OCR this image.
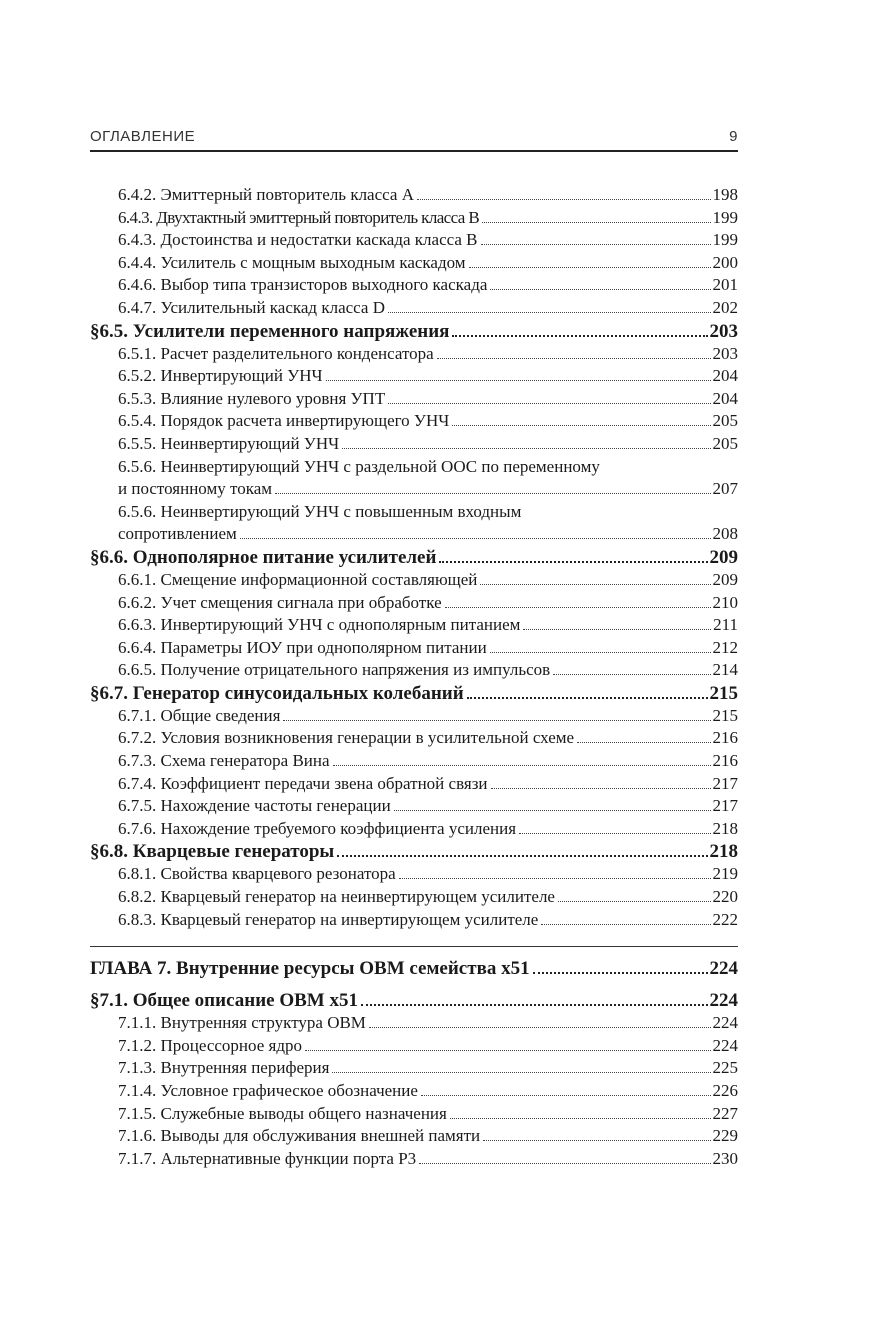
ОГЛАВЛЕНИЕ	9
6.4.2. Эмиттерный повторитель класса А	198
6.4.3. Двухтактный эмиттерный повторитель класса В	199
6.4.3. Достоинства и недостатки каскада класса В	199
6.4.4. Усилитель с мощным выходным каскадом	200
6.4.6. Выбор типа транзисторов выходного каскада	201
6.4.7. Усилительный каскад класса D	202
§6.5. Усилители переменного напряжения	203
6.5.1. Расчет разделительного конденсатора	203
6.5.2. Инвертирующий УНЧ	204
6.5.3. Влияние нулевого уровня УПТ	204
6.5.4. Порядок расчета инвертирующего УНЧ	205
6.5.5. Неинвертирующий УНЧ	205
6.5.6. Неинвертирующий УНЧ с раздельной ООС по переменному
и постоянному токам	207
6.5.6. Неинвертирующий УНЧ с повышенным входным
сопротивлением	208
§6.6. Однополярное питание усилителей	209
6.6.1. Смещение информационной составляющей	209
6.6.2. Учет смещения сигнала при обработке	210
6.6.3. Инвертирующий УНЧ с однополярным питанием	211
6.6.4. Параметры ИОУ при однополярном питании	212
6.6.5. Получение отрицательного напряжения из импульсов	214
§6.7. Генератор синусоидальных колебаний	215
6.7.1. Общие сведения	215
6.7.2. Условия возникновения генерации в усилительной схеме	216
6.7.3. Схема генератора Вина	216
6.7.4. Коэффициент передачи звена обратной связи	217
6.7.5. Нахождение частоты генерации	217
6.7.6. Нахождение требуемого коэффициента усиления	218
§6.8. Кварцевые генераторы	218
6.8.1. Свойства кварцевого резонатора	219
6.8.2. Кварцевый генератор на неинвертирующем усилителе	220
6.8.3. Кварцевый генератор на инвертирующем усилителе	222
ГЛАВА 7. Внутренние ресурсы ОВМ семейства х51	224
§7.1. Общее описание ОВМ х51	224
7.1.1. Внутренняя структура ОВМ	224
7.1.2. Процессорное ядро	224
7.1.3. Внутренняя периферия	225
7.1.4. Условное графическое обозначение	226
7.1.5. Служебные выводы общего назначения	227
7.1.6. Выводы для обслуживания внешней памяти	229
7.1.7. Альтернативные функции порта Р3	230
